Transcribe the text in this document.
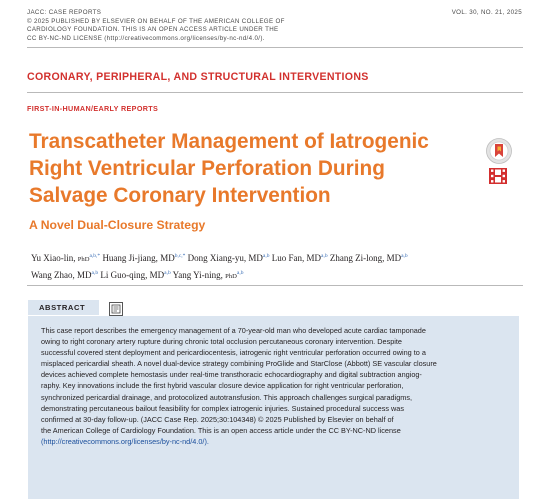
JACC: CASE REPORTS
© 2025 PUBLISHED BY ELSEVIER ON BEHALF OF THE AMERICAN COLLEGE OF
CARDIOLOGY FOUNDATION. THIS IS AN OPEN ACCESS ARTICLE UNDER THE
CC BY-NC-ND LICENSE (http://creativecommons.org/licenses/by-nc-nd/4.0/).
VOL. 30, NO. 21, 2025
CORONARY, PERIPHERAL, AND STRUCTURAL INTERVENTIONS
FIRST-IN-HUMAN/EARLY REPORTS
Transcatheter Management of Iatrogenic
Right Ventricular Perforation During
Salvage Coronary Intervention
A Novel Dual-Closure Strategy
Yu Xiao-lin, PhD$^{a,b,*}$ Huang Ji-jiang, $MD^{b,c,*}$ Dong Xiang-yu, MD$^{a,b}$ Luo Fan, MD$^{a,b}$ Zhang Zi-long, MD$^{a,b}$
Wang Zhao, MD$^{a,b}$ Li Guo-qing, MD$^{a,b}$ Yang Yi-ning, PhD$^{a,b}$
ABSTRACT

This case report describes the emergency management of a 70-year-old man who developed acute cardiac tamponade

owing to right coronary artery rupture during chronic total occlusion percutaneous coronary intervention. Despite

successful covered stent deployment and pericardiocentesis, iatrogenic right ventricular perforation occurred owing to a

misplaced pericardial sheath. A novel dual-device strategy combining ProGlide and StarClose (Abbott) SE vascular closure

devices achieved complete hemostasis under real-time transthoracic echocardiography and digital subtraction angiog-

raphy. Key innovations include the first hybrid vascular closure device application for right ventricular perforation,

synchronized pericardial drainage, and protocolized autotransfusion. This approach challenges surgical paradigms,

demonstrating percutaneous bailout feasibility for complex iatrogenic injuries. Sustained procedural success was

confirmed at 30-day follow-up. (JACC Case Rep. 2025;30:104348) © 2025 Published by Elsevier on behalf of

the American College of Cardiology Foundation. This is an open access article under the CC BY-NC-ND license

(http://creativecommons.org/licenses/by-nc-nd/4.0/).
